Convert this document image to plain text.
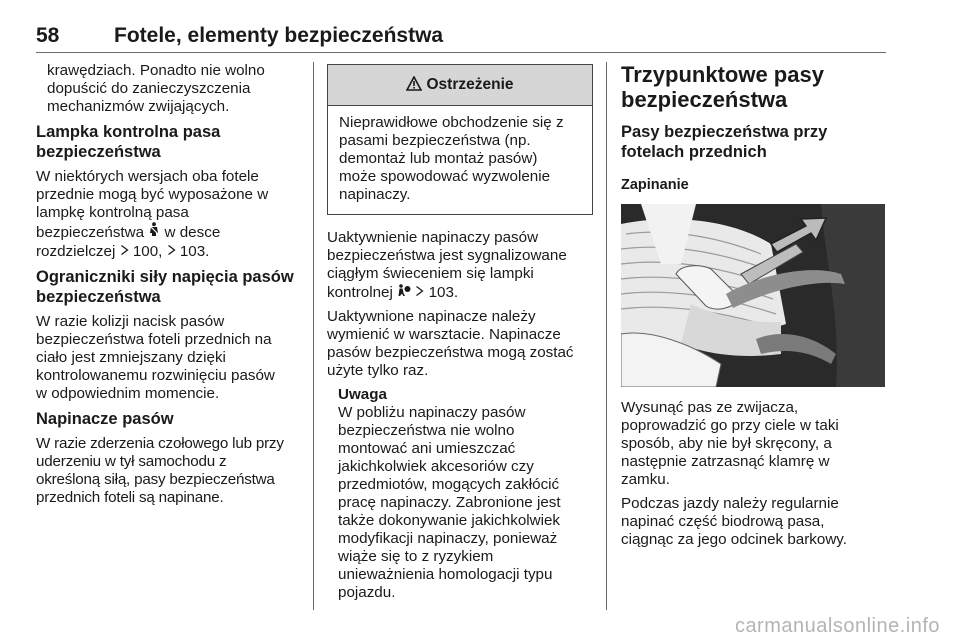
58	Fotele, elementy bezpieczeństwa

krawędziach. Ponadto nie wolno
dopuścić do zanieczyszczenia
mechanizmów zwijających.

Lampka kontrolna pasa
bezpieczeństwa

W niektórych wersjach oba fotele
przednie mogą być wyposażone w
lampkę kontrolną pasa
bezpieczeństwa w desce
rozdzielczej 100, 103.

Ograniczniki siły napięcia pasów
bezpieczeństwa

W razie kolizji nacisk pasów
bezpieczeństwa foteli przednich na
ciało jest zmniejszany dzięki
kontrolowanemu rozwinięciu pasów
w odpowiednim momencie.

Napinacze pasów

W razie zderzenia czołowego lub przy
uderzeniu w tył samochodu z
określoną siłą, pasy bezpieczeństwa
przednich foteli są napinane.

Ostrzeżenie
Nieprawidłowe obchodzenie się z
pasami bezpieczeństwa (np.
demontaż lub montaż pasów)
może spowodować wyzwolenie
napinaczy.

Uaktywnienie napinaczy pasów
bezpieczeństwa jest sygnalizowane
ciągłym świeceniem się lampki
kontrolnej 103.

Uaktywnione napinacze należy
wymienić w warsztacie. Napinacze
pasów bezpieczeństwa mogą zostać
użyte tylko raz.

Uwaga

W pobliżu napinaczy pasów
bezpieczeństwa nie wolno
montować ani umieszczać
jakichkolwiek akcesoriów czy
przedmiotów, mogących zakłócić
pracę napinaczy. Zabronione jest
także dokonywanie jakichkolwiek
modyfikacji napinaczy, ponieważ
wiąże się to z ryzykiem
unieważnienia homologacji typu
pojazdu.

Trzypunktowe pasy
bezpieczeństwa
Pasy bezpieczeństwa przy
fotelach przednich
Zapinanie

Wysunąć pas ze zwijacza,
poprowadzić go przy ciele w taki
sposób, aby nie był skręcony, a
następnie zatrzasnąć klamrę w
zamku.

Podczas jazdy należy regularnie
napinać część biodrową pasa,
ciągnąc za jego odcinek barkowy.

carmanualsonline.info
